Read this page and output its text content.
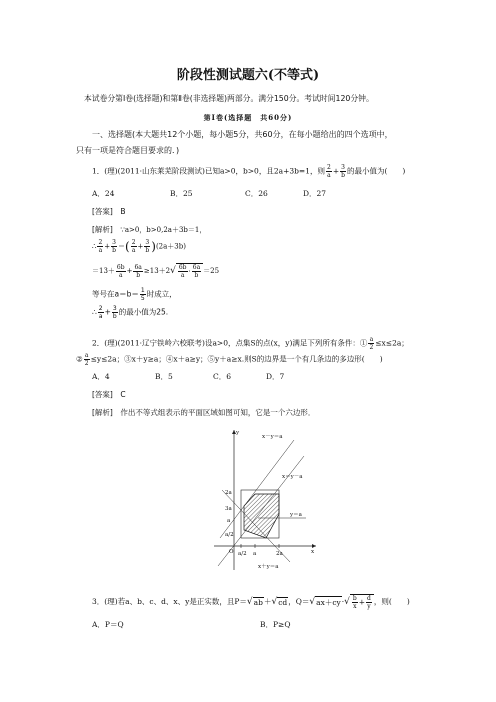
阶段性测试题六(不等式)
本试卷分第Ⅰ卷(选择题)和第Ⅱ卷(非选择题)两部分。满分150分。考试时间120分钟。
第Ⅰ卷(选择题　共60分)
一、选择题(本大题共12个小题，每小题5分，共60分，在每小题给出的四个选项中，
只有一项是符合题目要求的．)
1．(理)(2011·山东莱芜阶段测试)已知a>0，b>0，且2a+3b=1，则 $\frac{2}{a} + \frac{3}{b}$ 的最小值为(　　)
A．24	B．25	C．26	D．27
[答案]　 B
[解析]　 ∵a>0，b>0,2a＋3b＝1，
∴ $\frac{2}{a} + \frac{3}{b}$ ＝( $\frac{2}{a} + \frac{3}{b} )(2a+3b)$
$=13+ \frac{6b}{a} + \frac{6a}{b} \ge 13+2√ \frac{6b}{a} \cdot \frac{6a}{b} =25$
等号在$a=b= \frac{1}{5}$ 时成立，
∴ $\frac{2}{a} + \frac{3}{b}$ 的最小值为25.
2．(理)(2011·辽宁铁岭六校联考)设a>0，点集S的点(x，y)满足下列所有条件：① $\frac{a}{2} \le x\le 2a$；
② $\frac{a}{2} \le y\le 2a$；③x＋y≥a；④x＋a≥y；⑤y＋a≥x.则S的边界是一个有几条边的多边形(　　)
A．4	B．5	C．6	D．7
[答案]　 C
[解析]　 作出不等式组表示的平面区域如图可知，它是一个六边形．
y
x
O
x－y＝a
x＝y－a
y＝a
x＋y＝a
2a
3a
a
a/2
a/2 a	2a
3．(理)若a、b、c、d、x、y是正实数，且P＝√ab＋√cd，$Q=√ax+cy\cdot√ \frac{b}{x} + \frac{d}{y}$ ，则(　　)
A．P＝Q	B．P≥Q
